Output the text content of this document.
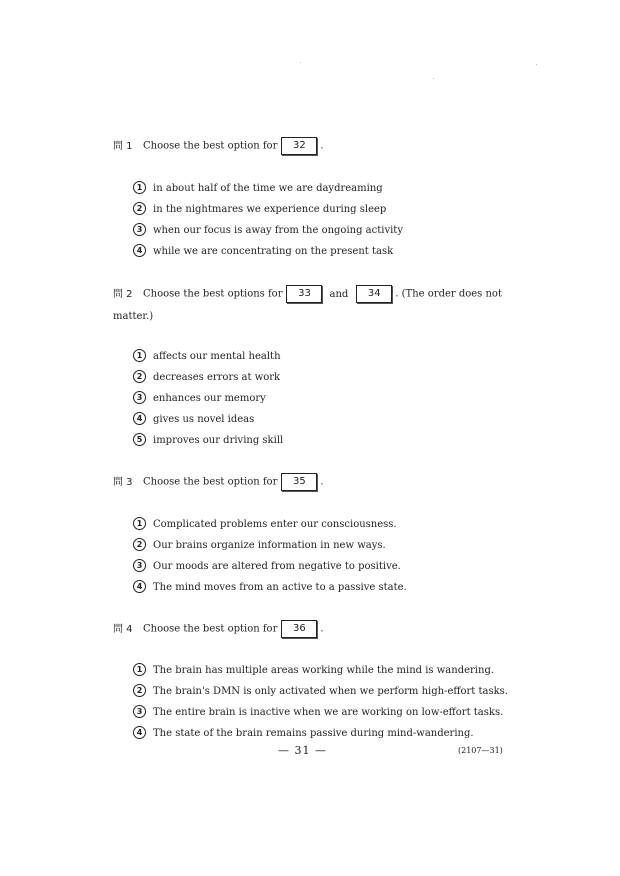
問 1 Choose the best option for 32 .
1 in about half of the time we are daydreaming
2 in the nightmares we experience during sleep
3 when our focus is away from the ongoing activity
4 while we are concentrating on the present task
問 2 Choose the best options for 33 and 34 . (The order does not
matter.)
1 affects our mental health
2 decreases errors at work
3 enhances our memory
4 gives us novel ideas
5 improves our driving skill
問 3 Choose the best option for 35 .
1 Complicated problems enter our consciousness.
2 Our brains organize information in new ways.
3 Our moods are altered from negative to positive.
4 The mind moves from an active to a passive state.
問 4 Choose the best option for 36 .
1 The brain has multiple areas working while the mind is wandering.
2 The brain's DMN is only activated when we perform high-effort tasks.
3 The entire brain is inactive when we are working on low-effort tasks.
4 The state of the brain remains passive during mind-wandering.
— 31 —	(2107—31)
